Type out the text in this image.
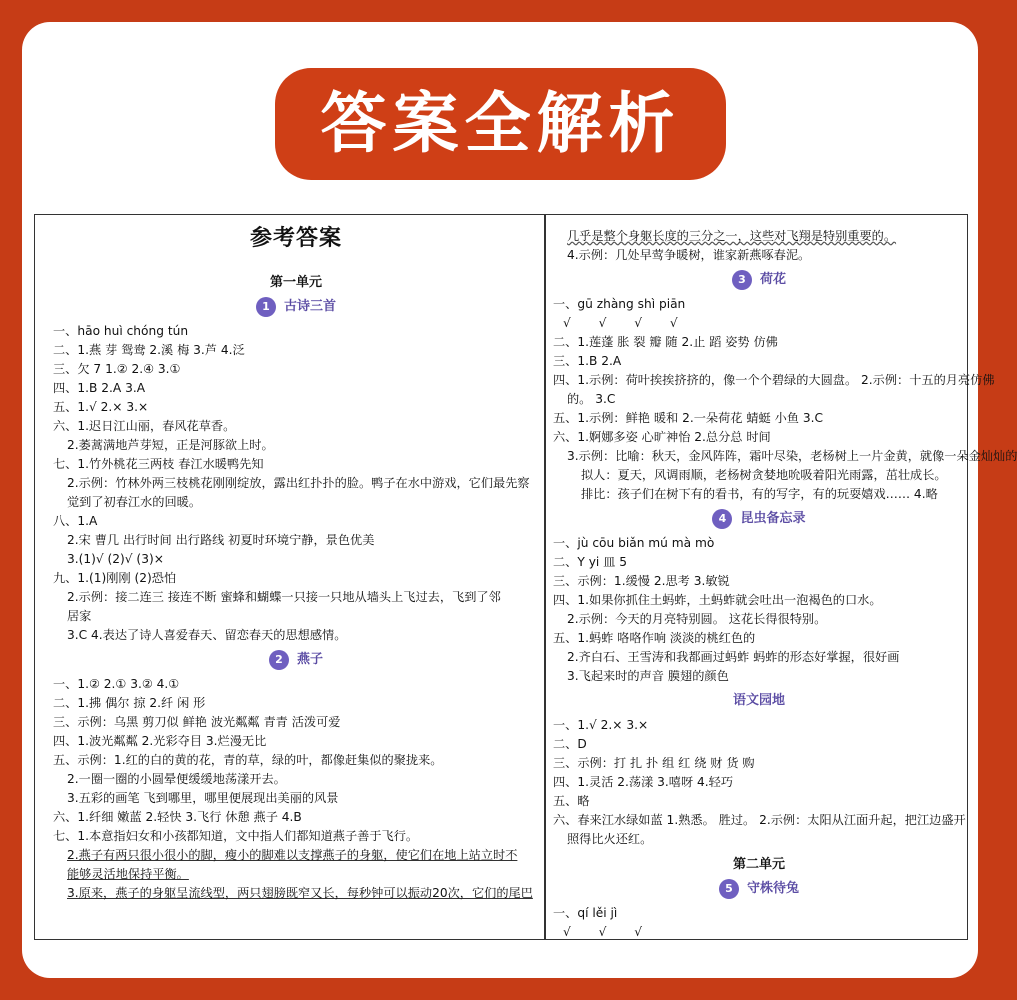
答案全解析
参考答案
第一单元
1 古诗三首
一、hāo huì chóng tún
二、1.燕 芽 鸳鸯 2.溪 梅 3.芦 4.泛
三、欠 7 1.② 2.④ 3.①
四、1.B 2.A 3.A
五、1.√ 2.× 3.×
六、1.迟日江山丽，春风花草香。
2.萎蒿满地芦芽短，正是河豚欲上时。
七、1.竹外桃花三两枝 春江水暖鸭先知
2.示例：竹林外两三枝桃花刚刚绽放，露出红扑扑的脸。鸭子在水中游戏，它们最先察
觉到了初春江水的回暖。
八、1.A
2.宋 曹几 出行时间 出行路线 初夏时环境宁静，景色优美
3.(1)√ (2)√ (3)×
九、1.(1)刚刚 (2)恐怕
2.示例：接二连三 接连不断 蜜蜂和蝴蝶一只接一只地从墙头上飞过去，飞到了邻
居家
3.C 4.表达了诗人喜爱春天、留恋春天的思想感情。
2 燕子
一、1.② 2.① 3.② 4.①
二、1.拂 偶尔 掠 2.纤 闲 形
三、示例：乌黑 剪刀似 鲜艳 波光粼粼 青青 活泼可爱
四、1.波光粼粼 2.光彩夺目 3.烂漫无比
五、示例：1.红的白的黄的花，青的草，绿的叶，都像赶集似的聚拢来。
2.一圈一圈的小圆晕便缓缓地荡漾开去。
3.五彩的画笔 飞到哪里，哪里便展现出美丽的风景
六、1.纤细 嫩蓝 2.轻快 3.飞行 休憩 燕子 4.B
七、1.本意指妇女和小孩都知道，文中指人们都知道燕子善于飞行。
2.燕子有两只很小很小的脚，瘦小的脚难以支撑燕子的身躯，使它们在地上站立时不
能够灵活地保持平衡。
3.原来，燕子的身躯呈流线型，两只翅膀既窄又长，每秒钟可以振动20次，它们的尾巴
几乎是整个身躯长度的三分之一，这些对飞翔是特别重要的。
4.示例：几处早莺争暖树，谁家新燕啄春泥。
3 荷花
一、gū zhàng shì piān
√ √ √ √
二、1.莲蓬 胀 裂 瓣 随 2.止 蹈 姿势 仿佛
三、1.B 2.A
四、1.示例：荷叶挨挨挤挤的，像一个个碧绿的大圆盘。 2.示例：十五的月亮仿佛
的。 3.C
五、1.示例：鲜艳 暖和 2.一朵荷花 蜻蜓 小鱼 3.C
六、1.婀娜多姿 心旷神怡 2.总分总 时间
3.示例：比喻：秋天，金风阵阵，霜叶尽染，老杨树上一片金黄，就像一朵金灿灿的
拟人：夏天，风调雨顺，老杨树贪婪地吮吸着阳光雨露，茁壮成长。
排比：孩子们在树下有的看书，有的写字，有的玩耍嬉戏…… 4.略
4 昆虫备忘录
一、jù cōu biǎn mú mà mò
二、Y yi 皿 5
三、示例：1.缓慢 2.思考 3.敏锐
四、1.如果你抓住土蚂蚱，土蚂蚱就会吐出一泡褐色的口水。
2.示例：今天的月亮特别圆。 这花长得很特别。
五、1.蚂蚱 咯咯作响 淡淡的桃红色的
2.齐白石、王雪涛和我都画过蚂蚱 蚂蚱的形态好掌握，很好画
3.飞起来时的声音 膜翅的颜色
语文园地
一、1.√ 2.× 3.×
二、D
三、示例：打 扎 扑 组 红 绕 财 货 购
四、1.灵活 2.荡漾 3.嘻呀 4.轻巧
五、略
六、春来江水绿如蓝 1.熟悉。 胜过。 2.示例：太阳从江面升起，把江边盛开
照得比火还红。
第二单元
5 守株待兔
一、qí lěi jì
√ √ √
